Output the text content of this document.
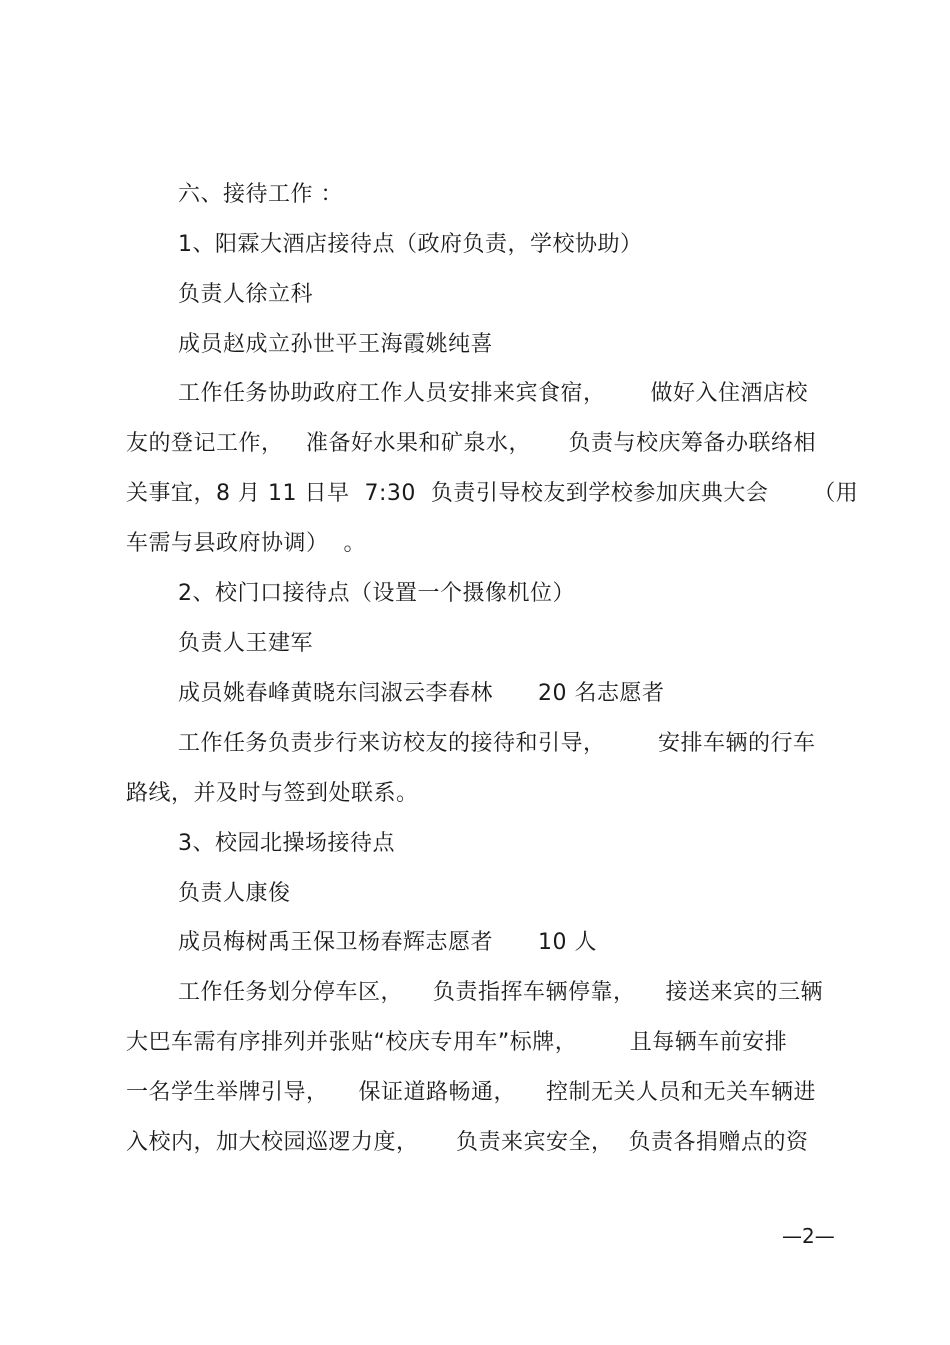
六、接待工作 ：
1、阳霖大酒店接待点（政府负责，学校协助）
负责人徐立科
成员赵成立孙世平王海霞姚纯喜
工作任务协助政府工作人员安排来宾食宿，      做好入住酒店校
友的登记工作，   准备好水果和矿泉水，     负责与校庆筹备办联络相
关事宜，8 月 11 日早  7:30  负责引导校友到学校参加庆典大会      （用
车需与县政府协调）  。
2、校门口接待点（设置一个摄像机位）
负责人王建军
成员姚春峰黄晓东闫淑云李春林      20 名志愿者
工作任务负责步行来访校友的接待和引导，       安排车辆的行车
路线，并及时与签到处联系。
3、校园北操场接待点
负责人康俊
成员梅树禹王保卫杨春辉志愿者      10 人
工作任务划分停车区，    负责指挥车辆停靠，    接送来宾的三辆
大巴车需有序排列并张贴“校庆专用车”标牌，       且每辆车前安排
一名学生举牌引导，    保证道路畅通，    控制无关人员和无关车辆进
入校内，加大校园巡逻力度，     负责来宾安全，  负责各捐赠点的资
—2—
